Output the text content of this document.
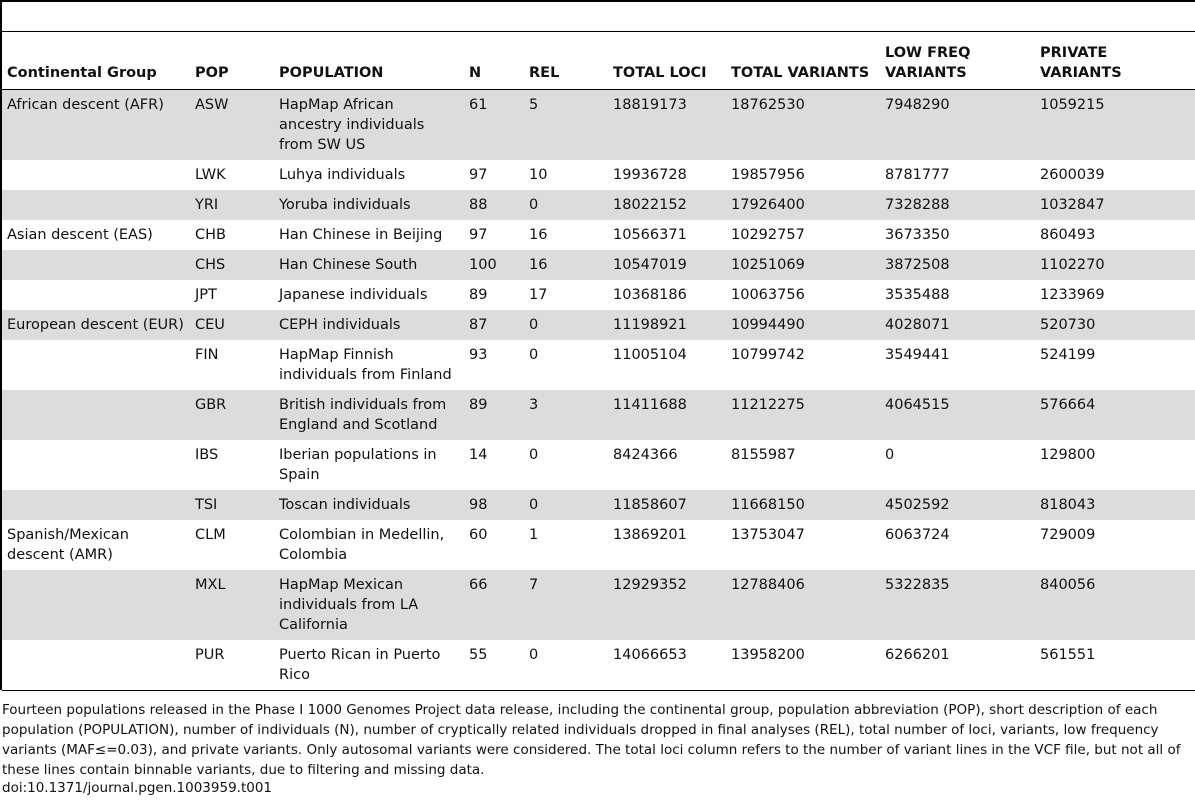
Continental Group	POP	POPULATION	N	REL	TOTAL LOCI	TOTAL VARIANTS	LOW FREQ VARIANTS	PRIVATE VARIANTS
African descent (AFR)	ASW	HapMap African ancestry individuals from SW US	61	5	18819173	18762530	7948290	1059215
	LWK	Luhya individuals	97	10	19936728	19857956	8781777	2600039
	YRI	Yoruba individuals	88	0	18022152	17926400	7328288	1032847
Asian descent (EAS)	CHB	Han Chinese in Beijing	97	16	10566371	10292757	3673350	860493
	CHS	Han Chinese South	100	16	10547019	10251069	3872508	1102270
	JPT	Japanese individuals	89	17	10368186	10063756	3535488	1233969
European descent (EUR)	CEU	CEPH individuals	87	0	11198921	10994490	4028071	520730
	FIN	HapMap Finnish individuals from Finland	93	0	11005104	10799742	3549441	524199
	GBR	British individuals from England and Scotland	89	3	11411688	11212275	4064515	576664
	IBS	Iberian populations in Spain	14	0	8424366	8155987	0	129800
	TSI	Toscan individuals	98	0	11858607	11668150	4502592	818043
Spanish/Mexican descent (AMR)	CLM	Colombian in Medellin, Colombia	60	1	13869201	13753047	6063724	729009
	MXL	HapMap Mexican individuals from LA California	66	7	12929352	12788406	5322835	840056
	PUR	Puerto Rican in Puerto Rico	55	0	14066653	13958200	6266201	561551
Fourteen populations released in the Phase I 1000 Genomes Project data release, including the continental group, population abbreviation (POP), short description of each population (POPULATION), number of individuals (N), number of cryptically related individuals dropped in final analyses (REL), total number of loci, variants, low frequency variants (MAF≤=0.03), and private variants. Only autosomal variants were considered. The total loci column refers to the number of variant lines in the VCF file, but not all of these lines contain binnable variants, due to filtering and missing data.
doi:10.1371/journal.pgen.1003959.t001
